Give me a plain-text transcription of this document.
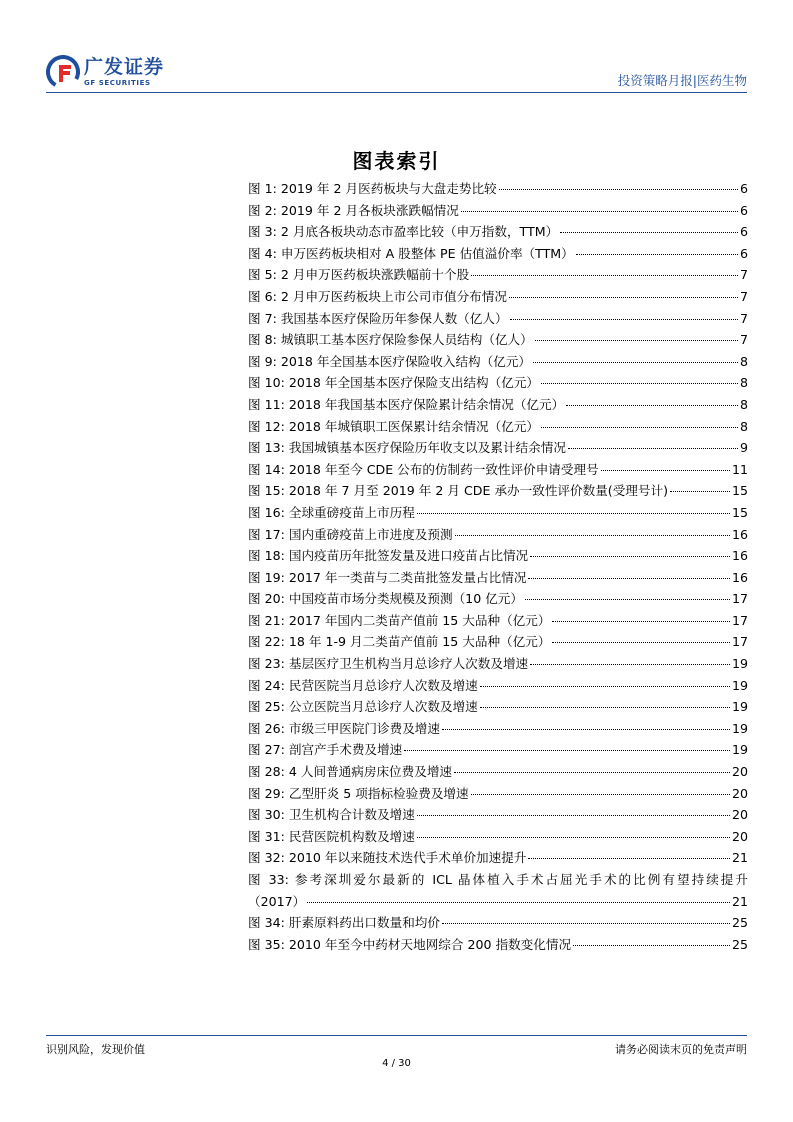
广发证券
GF SECURITIES	投资策略月报|医药生物
图表索引
图 1: 2019 年 2 月医药板块与大盘走势比较	6
图 2: 2019 年 2 月各板块涨跌幅情况	6
图 3: 2 月底各板块动态市盈率比较（申万指数，TTM）	6
图 4: 申万医药板块相对 A 股整体 PE 估值溢价率（TTM）	6
图 5: 2 月申万医药板块涨跌幅前十个股	7
图 6: 2 月申万医药板块上市公司市值分布情况	7
图 7: 我国基本医疗保险历年参保人数（亿人）	7
图 8: 城镇职工基本医疗保险参保人员结构（亿人）	7
图 9: 2018 年全国基本医疗保险收入结构（亿元）	8
图 10: 2018 年全国基本医疗保险支出结构（亿元）	8
图 11: 2018 年我国基本医疗保险累计结余情况（亿元）	8
图 12: 2018 年城镇职工医保累计结余情况（亿元）	8
图 13: 我国城镇基本医疗保险历年收支以及累计结余情况	9
图 14: 2018 年至今 CDE 公布的仿制药一致性评价申请受理号	11
图 15: 2018 年 7 月至 2019 年 2 月 CDE 承办一致性评价数量(受理号计)	15
图 16: 全球重磅疫苗上市历程	15
图 17: 国内重磅疫苗上市进度及预测	16
图 18: 国内疫苗历年批签发量及进口疫苗占比情况	16
图 19: 2017 年一类苗与二类苗批签发量占比情况	16
图 20: 中国疫苗市场分类规模及预测（10 亿元）	17
图 21: 2017 年国内二类苗产值前 15 大品种（亿元）	17
图 22: 18 年 1-9 月二类苗产值前 15 大品种（亿元）	17
图 23: 基层医疗卫生机构当月总诊疗人次数及增速	19
图 24: 民营医院当月总诊疗人次数及增速	19
图 25: 公立医院当月总诊疗人次数及增速	19
图 26: 市级三甲医院门诊费及增速	19
图 27: 剖宫产手术费及增速	19
图 28: 4 人间普通病房床位费及增速	20
图 29: 乙型肝炎 5 项指标检验费及增速	20
图 30: 卫生机构合计数及增速	20
图 31: 民营医院机构数及增速	20
图 32: 2010 年以来随技术迭代手术单价加速提升	21
图 33: 参考深圳爱尔最新的 ICL 晶体植入手术占屈光手术的比例有望持续提升
（2017）	21
图 34: 肝素原料药出口数量和均价	25
图 35: 2010 年至今中药材天地网综合 200 指数变化情况	25
识别风险，发现价值	请务必阅读末页的免责声明
4 / 30
